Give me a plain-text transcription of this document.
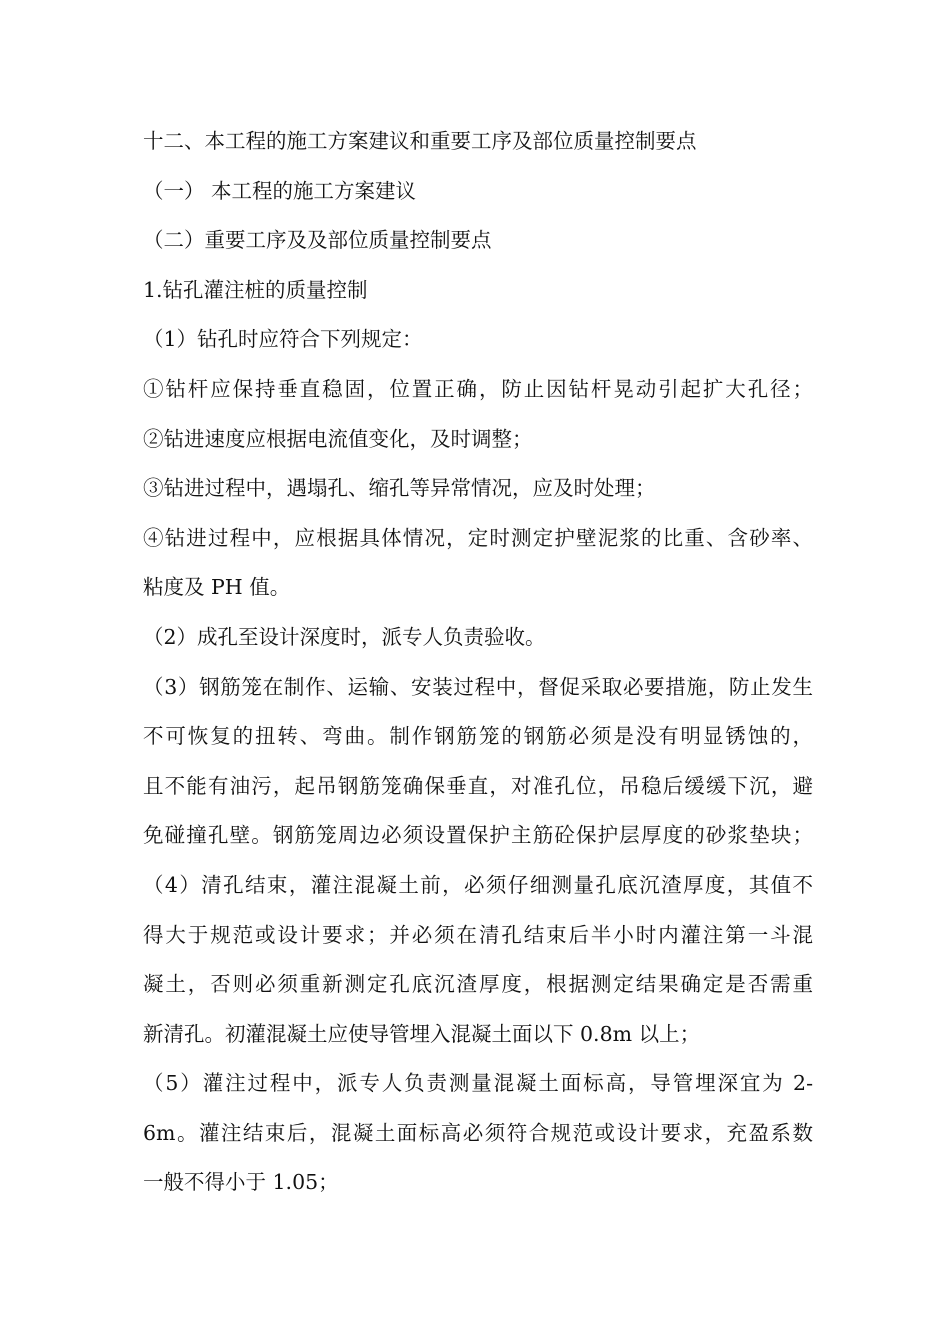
十二、本工程的施工方案建议和重要工序及部位质量控制要点
（一） 本工程的施工方案建议
（二）重要工序及及部位质量控制要点
1.钻孔灌注桩的质量控制
（1）钻孔时应符合下列规定：
①钻杆应保持垂直稳固，位置正确，防止因钻杆晃动引起扩大孔径；
②钻进速度应根据电流值变化，及时调整；
③钻进过程中，遇塌孔、缩孔等异常情况，应及时处理；
④钻进过程中，应根据具体情况，定时测定护壁泥浆的比重、含砂率、
粘度及 PH 值。
（2）成孔至设计深度时，派专人负责验收。
（3）钢筋笼在制作、运输、安装过程中，督促采取必要措施，防止发生
不可恢复的扭转、弯曲。制作钢筋笼的钢筋必须是没有明显锈蚀的，
且不能有油污，起吊钢筋笼确保垂直，对准孔位，吊稳后缓缓下沉，避
免碰撞孔壁。钢筋笼周边必须设置保护主筋砼保护层厚度的砂浆垫块；
（4）清孔结束，灌注混凝土前，必须仔细测量孔底沉渣厚度，其值不
得大于规范或设计要求；并必须在清孔结束后半小时内灌注第一斗混
凝土，否则必须重新测定孔底沉渣厚度，根据测定结果确定是否需重
新清孔。初灌混凝土应使导管埋入混凝土面以下 0.8m 以上；
（5）灌注过程中，派专人负责测量混凝土面标高，导管埋深宜为 2-
6m。灌注结束后，混凝土面标高必须符合规范或设计要求，充盈系数
一般不得小于 1.05；
